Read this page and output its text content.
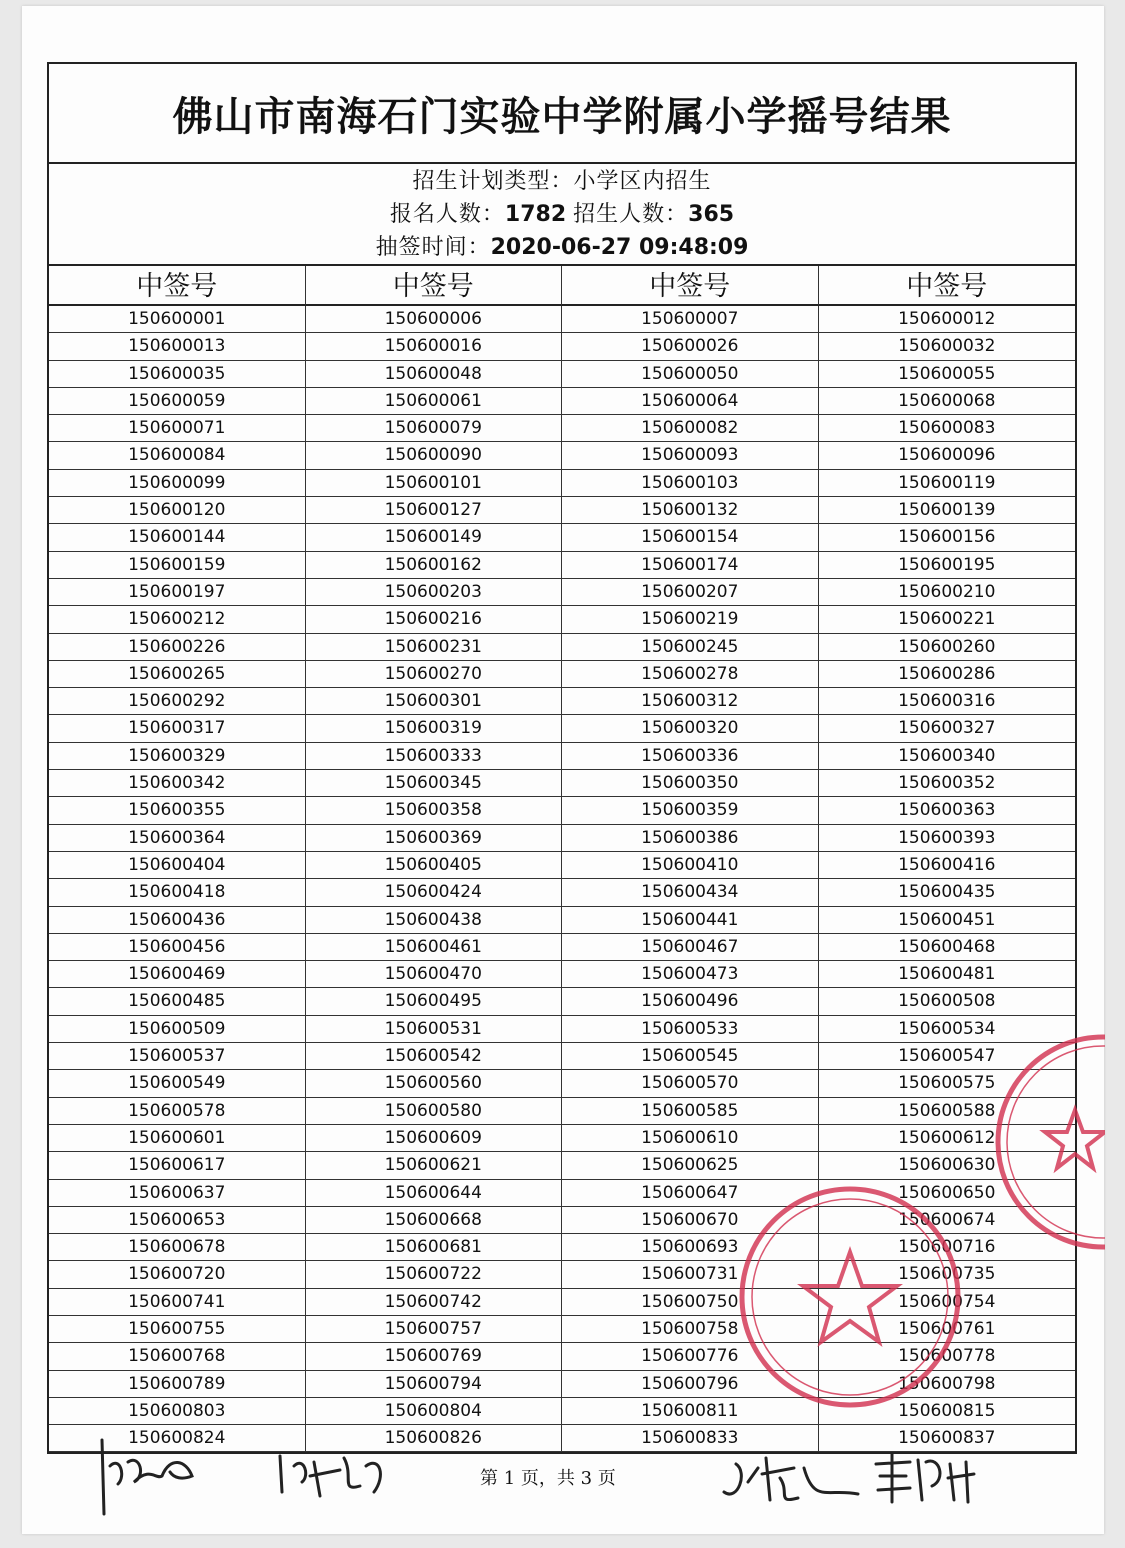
佛山市南海石门实验中学附属小学摇号结果
招生计划类型：小学区内招生
报名人数：1782 招生人数：365
抽签时间：2020-06-27 09:48:09
中签号	中签号	中签号	中签号
150600001	150600006	150600007	150600012
150600013	150600016	150600026	150600032
150600035	150600048	150600050	150600055
150600059	150600061	150600064	150600068
150600071	150600079	150600082	150600083
150600084	150600090	150600093	150600096
150600099	150600101	150600103	150600119
150600120	150600127	150600132	150600139
150600144	150600149	150600154	150600156
150600159	150600162	150600174	150600195
150600197	150600203	150600207	150600210
150600212	150600216	150600219	150600221
150600226	150600231	150600245	150600260
150600265	150600270	150600278	150600286
150600292	150600301	150600312	150600316
150600317	150600319	150600320	150600327
150600329	150600333	150600336	150600340
150600342	150600345	150600350	150600352
150600355	150600358	150600359	150600363
150600364	150600369	150600386	150600393
150600404	150600405	150600410	150600416
150600418	150600424	150600434	150600435
150600436	150600438	150600441	150600451
150600456	150600461	150600467	150600468
150600469	150600470	150600473	150600481
150600485	150600495	150600496	150600508
150600509	150600531	150600533	150600534
150600537	150600542	150600545	150600547
150600549	150600560	150600570	150600575
150600578	150600580	150600585	150600588
150600601	150600609	150600610	150600612
150600617	150600621	150600625	150600630
150600637	150600644	150600647	150600650
150600653	150600668	150600670	150600674
150600678	150600681	150600693	150600716
150600720	150600722	150600731	150600735
150600741	150600742	150600750	150600754
150600755	150600757	150600758	150600761
150600768	150600769	150600776	150600778
150600789	150600794	150600796	150600798
150600803	150600804	150600811	150600815
150600824	150600826	150600833	150600837
第 1 页，共 3 页
